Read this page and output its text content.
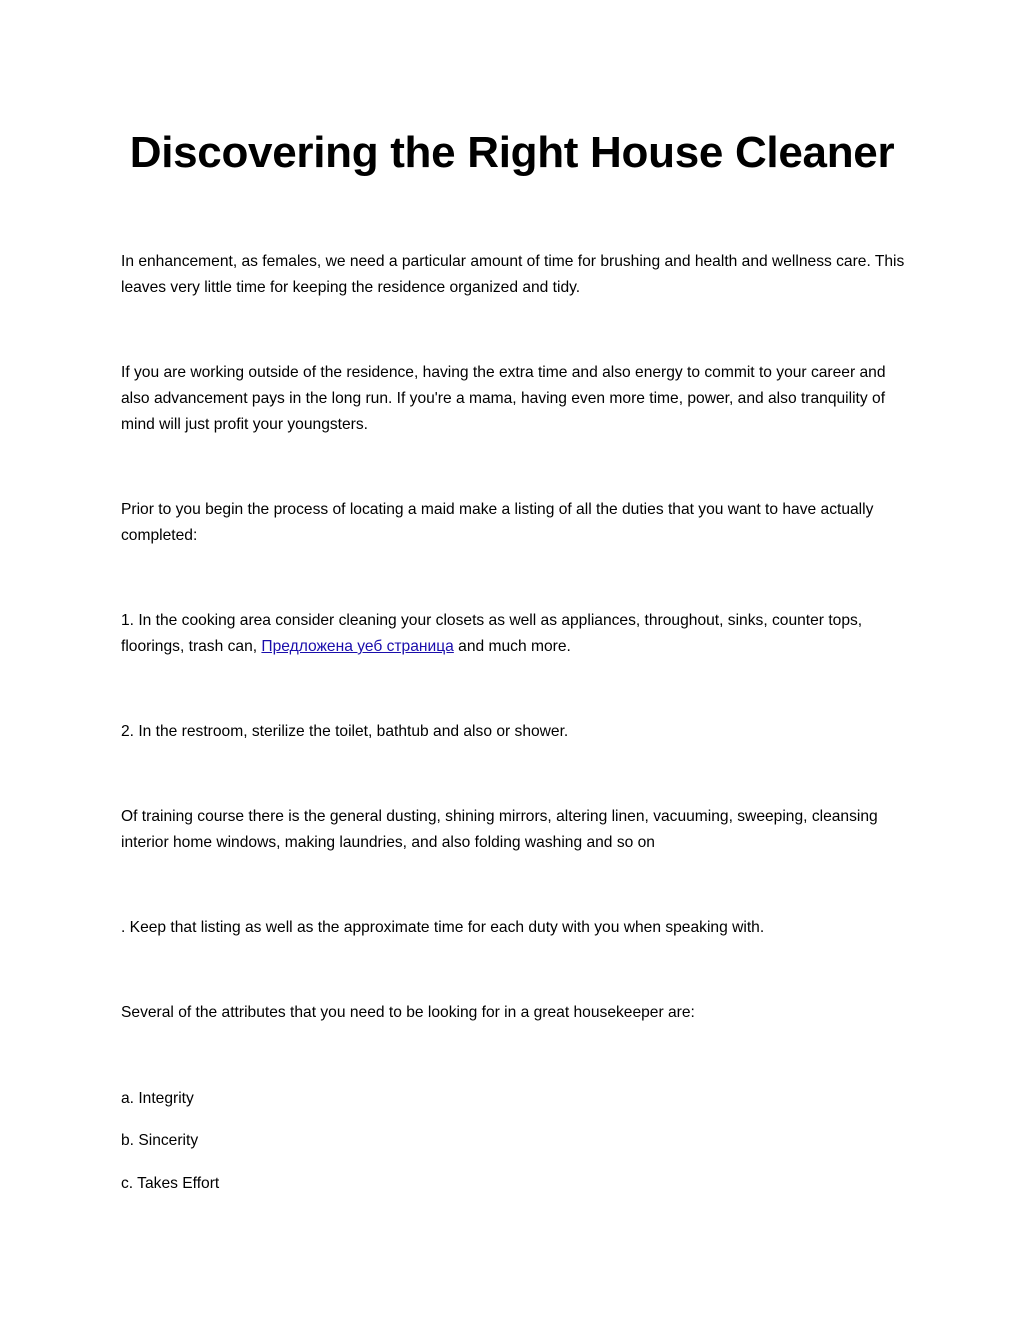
Discovering the Right House Cleaner

In enhancement, as females, we need a particular amount of time for brushing and health and wellness care. This leaves very little time for keeping the residence organized and tidy.

If you are working outside of the residence, having the extra time and also energy to commit to your career and also advancement pays in the long run. If you're a mama, having even more time, power, and also tranquility of mind will just profit your youngsters.

Prior to you begin the process of locating a maid make a listing of all the duties that you want to have actually completed:

1. In the cooking area consider cleaning your closets as well as appliances, throughout, sinks, counter tops, floorings, trash can, Предложена уеб страница and much more.

2. In the restroom, sterilize the toilet, bathtub and also or shower.

Of training course there is the general dusting, shining mirrors, altering linen, vacuuming, sweeping, cleansing interior home windows, making laundries, and also folding washing and so on

. Keep that listing as well as the approximate time for each duty with you when speaking with.

Several of the attributes that you need to be looking for in a great housekeeper are:

a. Integrity

b. Sincerity

c. Takes Effort
